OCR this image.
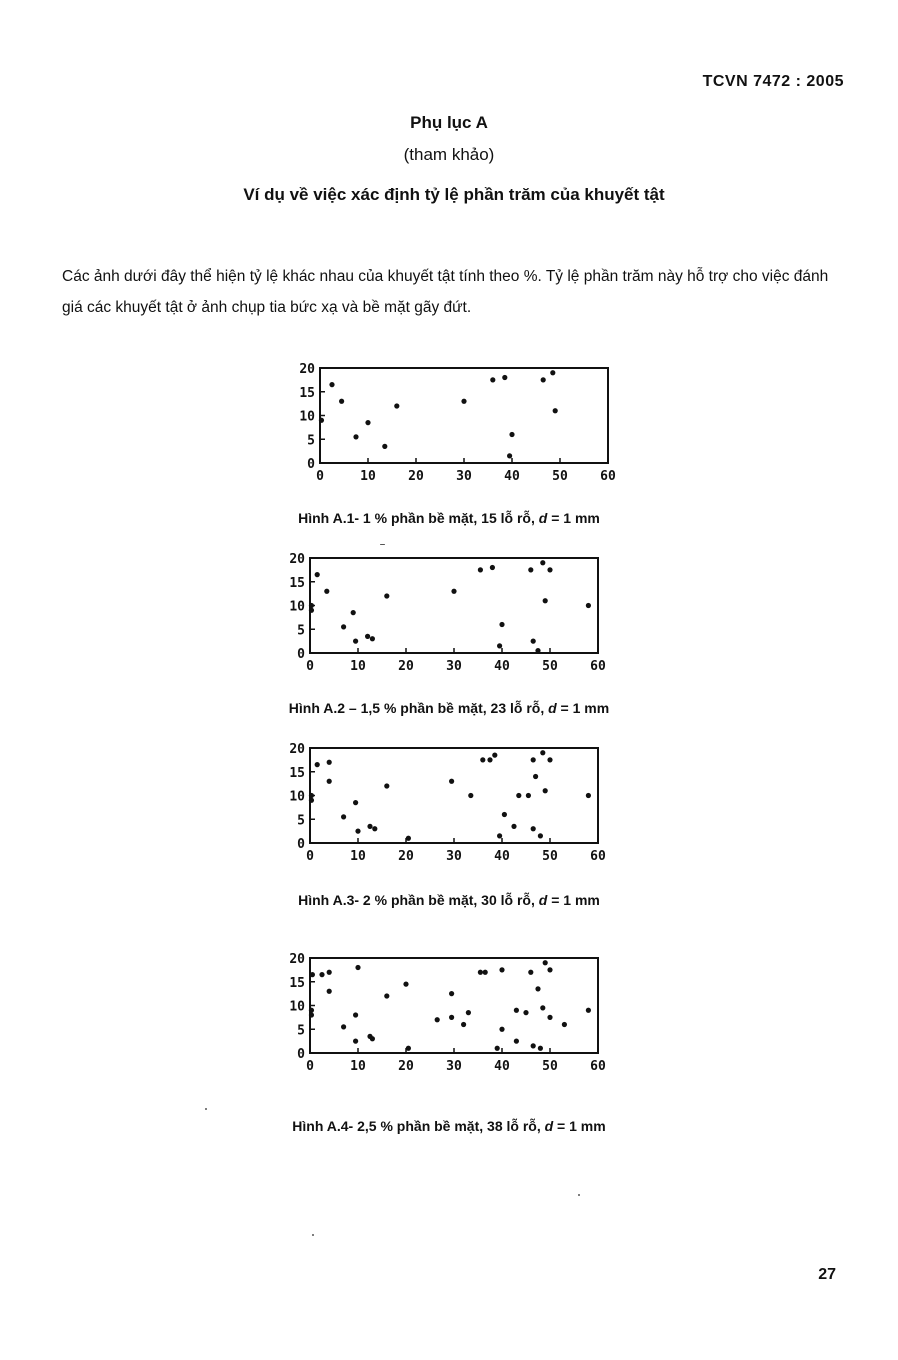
TCVN 7472 : 2005
Phụ lục A
(tham khảo)
Ví dụ về việc xác định tỷ lệ phần trăm của khuyết tật
Các ảnh dưới đây thể hiện tỷ lệ khác nhau của khuyết tật tính theo %. Tỷ lệ phần trăm này hỗ trợ cho việc đánh giá các khuyết tật ở ảnh chụp tia bức xạ và bề mặt gãy đứt.
0	10 20 30 40 50 60
0
5
10
15
20
Hình A.1- 1 % phần bề mặt, 15 lỗ rỗ, d = 1 mm
0	10 20 30 40 50 60
0
5
10
15
20
Hình A.2 – 1,5 % phần bề mặt, 23 lỗ rỗ, d = 1 mm
0	10 20 30 40 50 60
0
5
10
15
20
Hình A.3- 2 % phần bề mặt, 30 lỗ rỗ, d = 1 mm
0	10 20 30 40 50 60
0
5
10
15
20
Hình A.4- 2,5 % phần bề mặt, 38 lỗ rỗ, d = 1 mm
27
